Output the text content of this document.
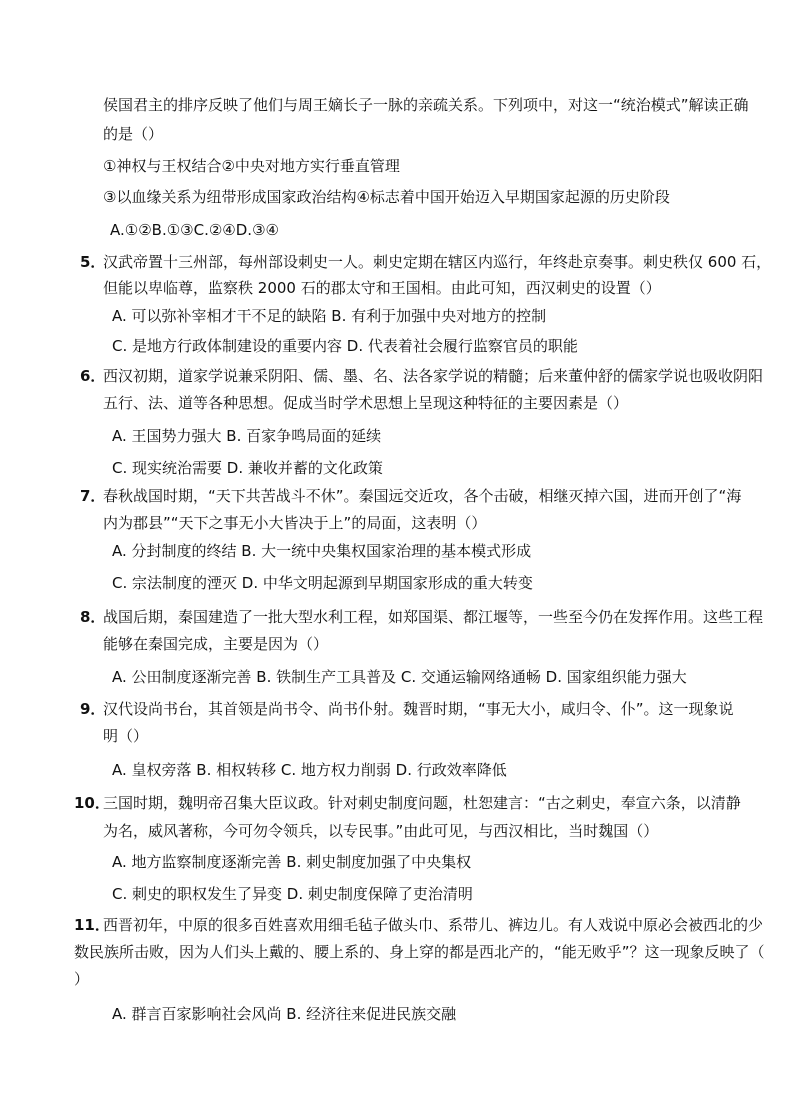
侯国君主的排序反映了他们与周王嫡长子一脉的亲疏关系。下列项中，对这一“统治模式”解读正确
的是（）
①神权与王权结合②中央对地方实行垂直管理
③以血缘关系为纽带形成国家政治结构④标志着中国开始迈入早期国家起源的历史阶段
A.①②B.①③C.②④D.③④
5．
汉武帝置十三州部，每州部设刺史一人。刺史定期在辖区内巡行，年终赴京奏事。刺史秩仅 600 石，
但能以卑临尊，监察秩 2000 石的郡太守和王国相。由此可知，西汉刺史的设置（）
A. 可以弥补宰相才干不足的缺陷 B. 有利于加强中央对地方的控制
C. 是地方行政体制建设的重要内容 D. 代表着社会履行监察官员的职能
6．
西汉初期，道家学说兼采阴阳、儒、墨、名、法各家学说的精髓；后来董仲舒的儒家学说也吸收阴阳
五行、法、道等各种思想。促成当时学术思想上呈现这种特征的主要因素是（）
A. 王国势力强大 B. 百家争鸣局面的延续
C. 现实统治需要 D. 兼收并蓄的文化政策
7．
春秋战国时期，“天下共苦战斗不休”。秦国远交近攻，各个击破，相继灭掉六国，进而开创了“海
内为郡县”“天下之事无小大皆决于上”的局面，这表明（）
A. 分封制度的终结 B. 大一统中央集权国家治理的基本模式形成
C. 宗法制度的湮灭 D. 中华文明起源到早期国家形成的重大转变
8．
战国后期，秦国建造了一批大型水利工程，如郑国渠、都江堰等，一些至今仍在发挥作用。这些工程
能够在秦国完成，主要是因为（）
A. 公田制度逐渐完善 B. 铁制生产工具普及 C. 交通运输网络通畅 D. 国家组织能力强大
9．
汉代设尚书台，其首领是尚书令、尚书仆射。魏晋时期，“事无大小，咸归令、仆”。这一现象说
明（）
A. 皇权旁落 B. 相权转移 C. 地方权力削弱 D. 行政效率降低
10．
三国时期，魏明帝召集大臣议政。针对刺史制度问题，杜恕建言：“古之刺史，奉宣六条，以清静
为名，威风著称，今可勿令领兵，以专民事。”由此可见，与西汉相比，当时魏国（）
A. 地方监察制度逐渐完善 B. 刺史制度加强了中央集权
C. 刺史的职权发生了异变 D. 刺史制度保障了吏治清明
11．
西晋初年，中原的很多百姓喜欢用细毛毡子做头巾、系带儿、裤边儿。有人戏说中原必会被西北的少
数民族所击败，因为人们头上戴的、腰上系的、身上穿的都是西北产的，“能无败乎”？这一现象反映了（
）
A. 群言百家影响社会风尚 B. 经济往来促进民族交融
